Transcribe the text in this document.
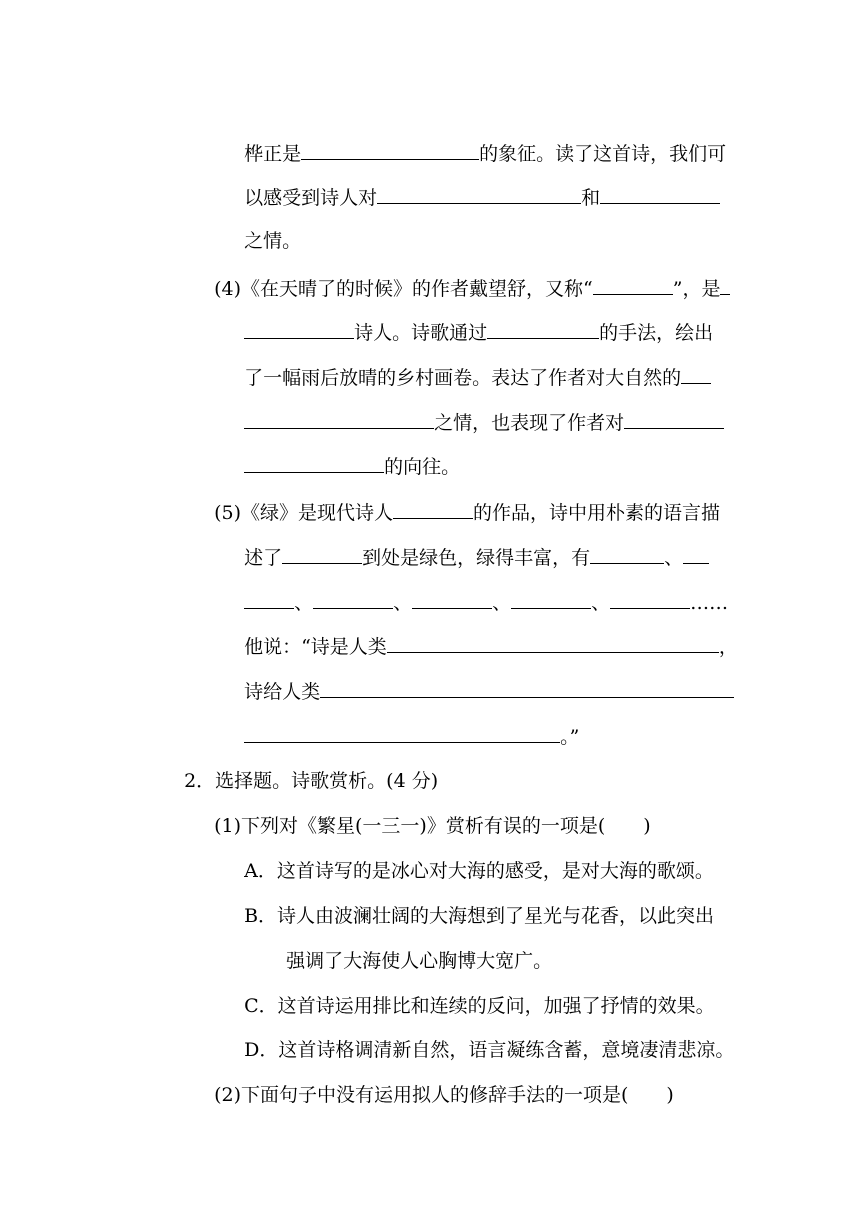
桦正是	的象征。读了这首诗，我们可

以感受到诗人对	和

之情。

(4)《在天晴了的时候》的作者戴望舒，又称“	”，是

诗人。诗歌通过	的手法，绘出

了一幅雨后放晴的乡村画卷。表达了作者对大自然的

之情，也表现了作者对

的向往。

(5)《绿》是现代诗人	的作品，诗中用朴素的语言描

述了	到处是绿色，绿得丰富，有	、

、	、	、	、	……

他说：“诗是人类	，

诗给人类

。”

2．选择题。诗歌赏析。(4 分)

(1)下列对《繁星(一三一)》赏析有误的一项是(　　)

A．这首诗写的是冰心对大海的感受，是对大海的歌颂。

B．诗人由波澜壮阔的大海想到了星光与花香，以此突出

强调了大海使人心胸博大宽广。

C．这首诗运用排比和连续的反问，加强了抒情的效果。

D．这首诗格调清新自然，语言凝练含蓄，意境凄清悲凉。

(2)下面句子中没有运用拟人的修辞手法的一项是(　　)
